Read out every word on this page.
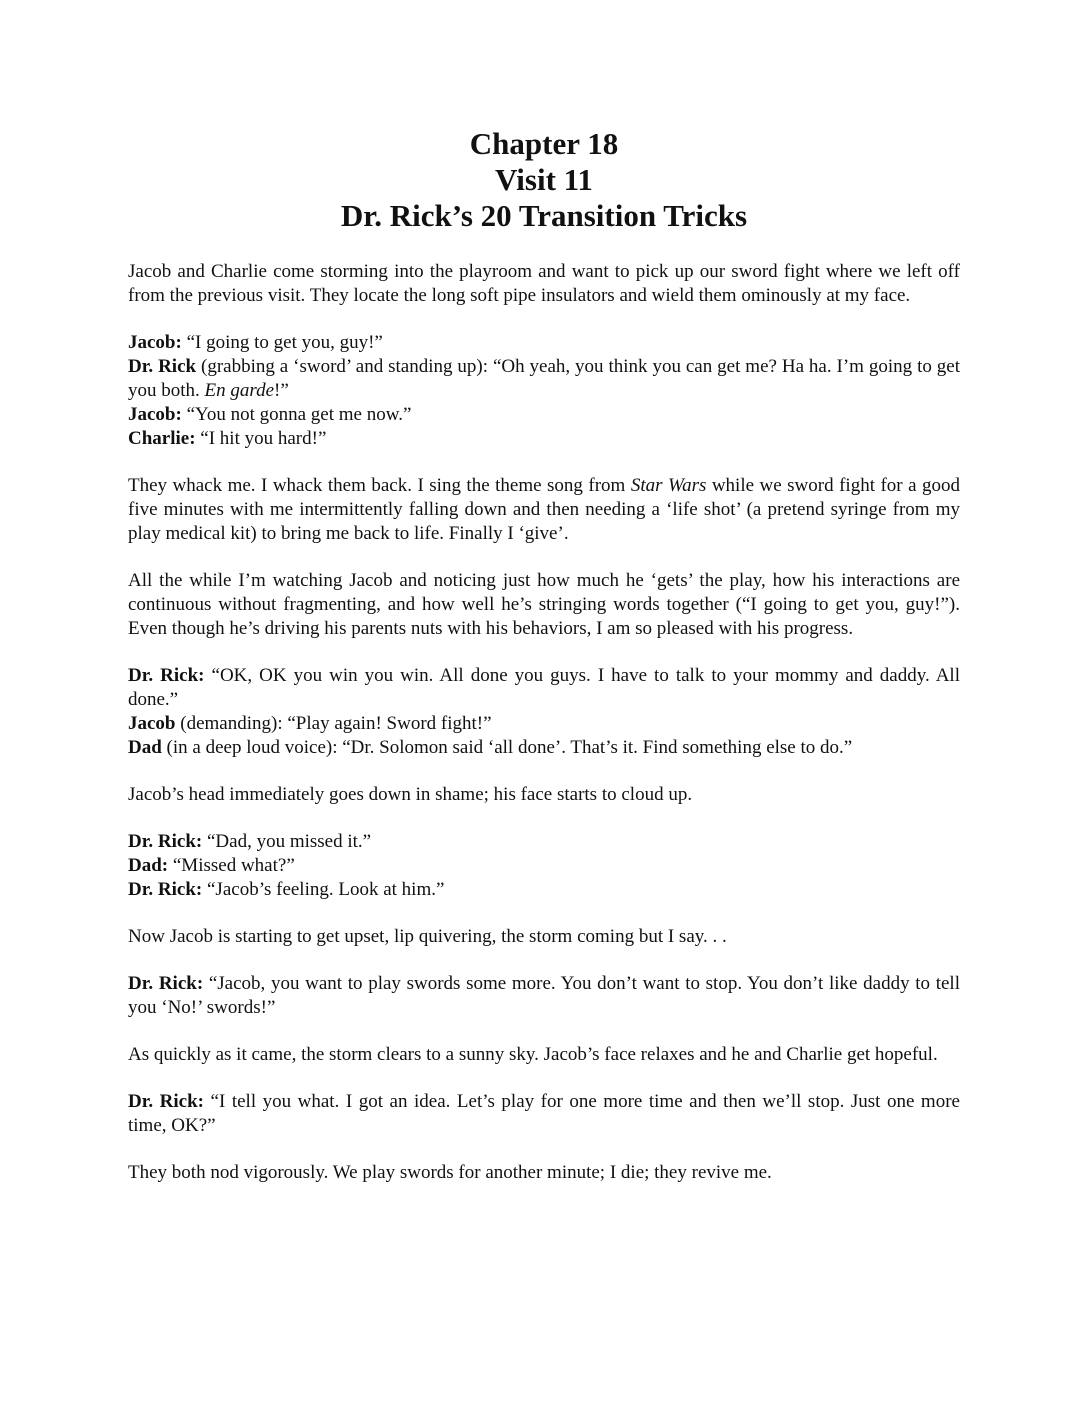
Chapter 18
Visit 11
Dr. Rick’s 20 Transition Tricks

Jacob and Charlie come storming into the playroom and want to pick up our sword fight where we left off from the previous visit. They locate the long soft pipe insulators and wield them ominously at my face.

Jacob: “I going to get you, guy!”
Dr. Rick (grabbing a ‘sword’ and standing up): “Oh yeah, you think you can get me? Ha ha. I’m going to get you both. En garde!”
Jacob: “You not gonna get me now.”
Charlie: “I hit you hard!”

They whack me. I whack them back. I sing the theme song from Star Wars while we sword fight for a good five minutes with me intermittently falling down and then needing a ‘life shot’ (a pretend syringe from my play medical kit) to bring me back to life. Finally I ‘give’.

All the while I’m watching Jacob and noticing just how much he ‘gets’ the play, how his interactions are continuous without fragmenting, and how well he’s stringing words together (“I going to get you, guy!”). Even though he’s driving his parents nuts with his behaviors, I am so pleased with his progress.

Dr. Rick: “OK, OK you win you win. All done you guys. I have to talk to your mommy and daddy. All done.”
Jacob (demanding): “Play again! Sword fight!”
Dad (in a deep loud voice): “Dr. Solomon said ‘all done’. That’s it. Find something else to do.”

Jacob’s head immediately goes down in shame; his face starts to cloud up.

Dr. Rick: “Dad, you missed it.”
Dad: “Missed what?”
Dr. Rick: “Jacob’s feeling. Look at him.”

Now Jacob is starting to get upset, lip quivering, the storm coming but I say. . .

Dr. Rick: “Jacob, you want to play swords some more. You don’t want to stop. You don’t like daddy to tell you ‘No!’ swords!”

As quickly as it came, the storm clears to a sunny sky. Jacob’s face relaxes and he and Charlie get hopeful.

Dr. Rick: “I tell you what. I got an idea. Let’s play for one more time and then we’ll stop. Just one more time, OK?”

They both nod vigorously. We play swords for another minute; I die; they revive me.
